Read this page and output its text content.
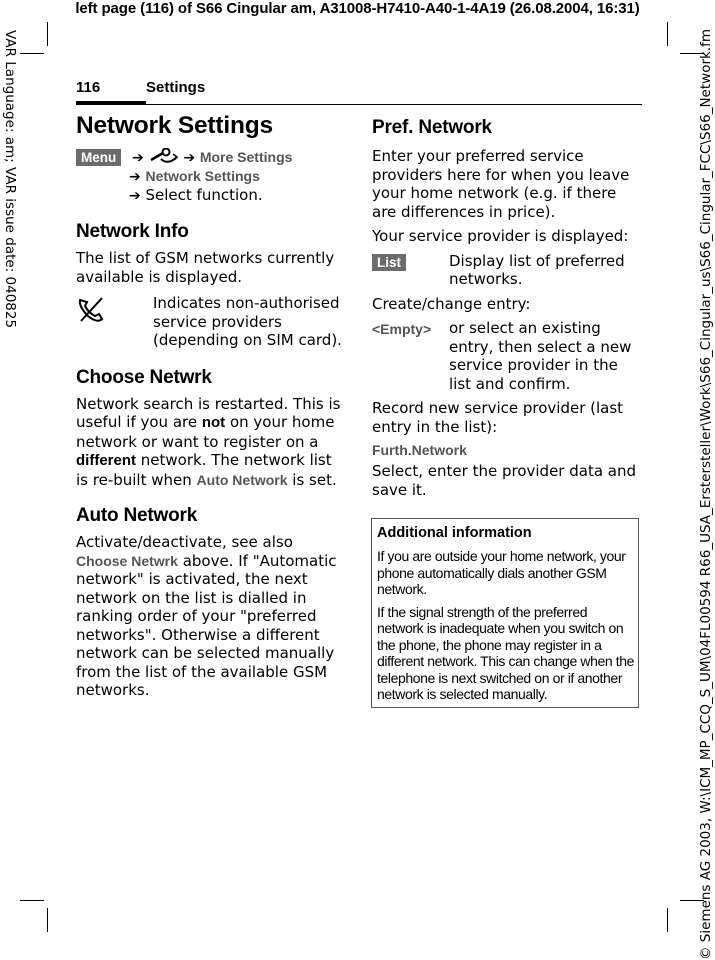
left page (116) of S66 Cingular am, A31008-H7410-A40-1-4A19 (26.08.2004, 16:31)
VAR Language: am; VAR issue date: 040825	© Siemens AG 2003, W:\ICM_MP_CCQ_S_UM\04FL00594 R66_USA_Erstersteller\Work\S66_Cingular_us\S66_Cingular_FCC\S66_Network.fm
116	Settings
Network Settings
Menu ➔	➔ More Settings
➔ Network Settings
➔ Select function.
Network Info

The list of GSM networks currently available is displayed.

Indicates non-authorised service providers (depending on SIM card).
Choose Netwrk

Network search is restarted. This is useful if you are not on your home network or want to register on a different network. The network list is re-built when Auto Network is set.

Auto Network

Activate/deactivate, see also Choose Netwrk above. If "Automatic network" is activated, the next network on the list is dialled in ranking order of your "preferred networks". Otherwise a different network can be selected manually from the list of the available GSM networks.

Pref. Network

Enter your preferred service providers here for when you leave your home network (e.g. if there are differences in price).

Your service provider is displayed:

List	Display list of preferred networks.

Create/change entry:

<Empty>	or select an existing entry, then select a new service provider in the list and confirm.

Record new service provider (last entry in the list):

Furth.Network

Select, enter the provider data and save it.

Additional information
If you are outside your home network, your phone automatically dials another GSM network.
If the signal strength of the preferred network is inadequate when you switch on the phone, the phone may register in a different network. This can change when the telephone is next switched on or if another network is selected manually.
